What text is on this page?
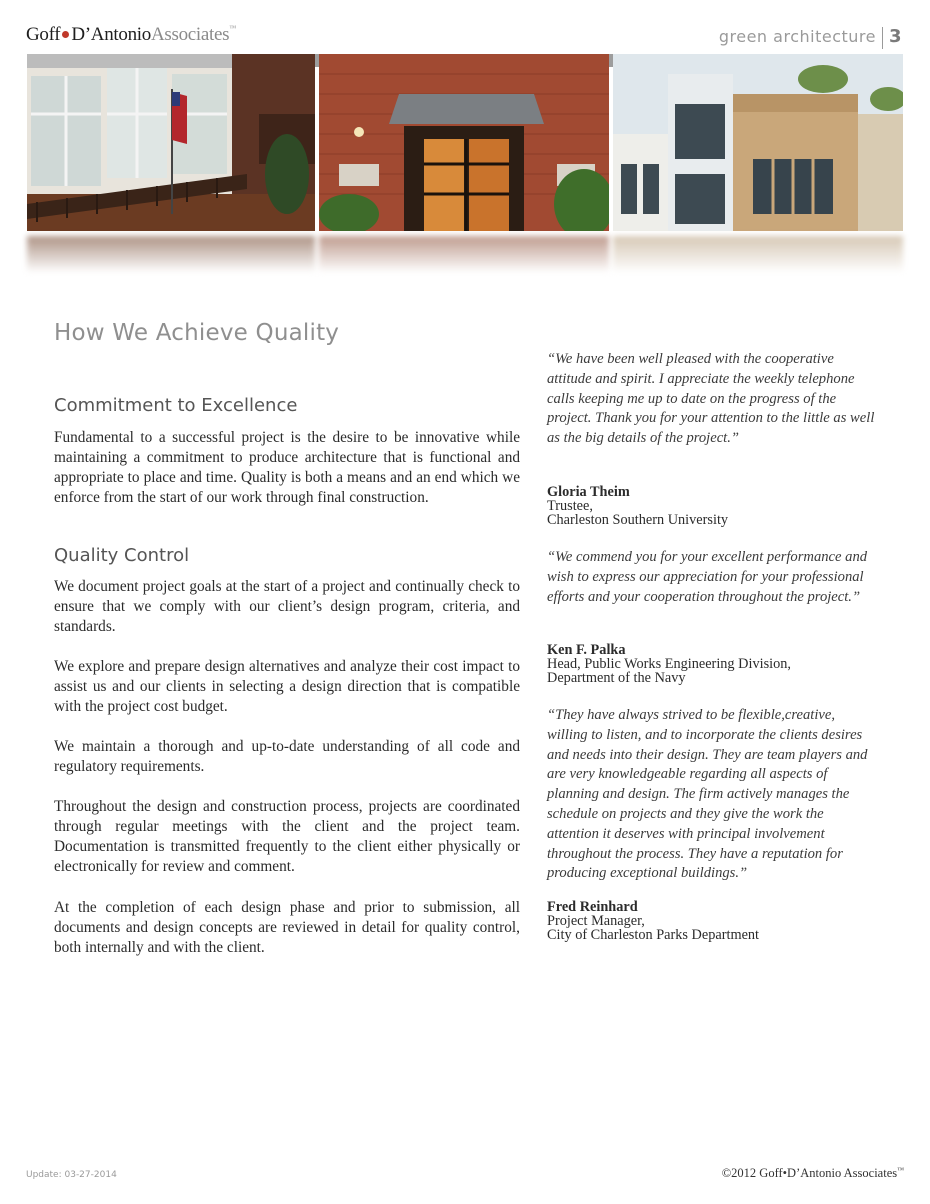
Goff D’AntonioAssociates™	green architecture 3
How We Achieve Quality
Commitment to Excellence
Fundamental to a successful project is the desire to be innovative while maintaining a commitment to produce architecture that is functional and appropriate to place and time. Quality is both a means and an end which we enforce from the start of our work through final construction.
Quality Control
We document project goals at the start of a project and continually check to ensure that we comply with our client’s design program, criteria, and standards.
We explore and prepare design alternatives and analyze their cost impact to assist us and our clients in selecting a design direction that is compatible with the project cost budget.
We maintain a thorough and up-to-date understanding of all code and regulatory requirements.
Throughout the design and construction process, projects are coordinated through regular meetings with the client and the project team. Documentation is transmitted frequently to the client either physically or electronically for review and comment.
At the completion of each design phase and prior to submission, all documents and design concepts are reviewed in detail for quality control, both internally and with the client.
“We have been well pleased with the cooperative attitude and spirit. I appreciate the weekly telephone calls keeping me up to date on the progress of the project. Thank you for your attention to the little as well as the big details of the project.”
Gloria Theim
Trustee,
Charleston Southern University
“We commend you for your excellent performance and wish to express our appreciation for your professional efforts and your cooperation throughout the project.”
Ken F. Palka
Head, Public Works Engineering Division,
Department of the Navy
“They have always strived to be flexible,creative, willing to listen, and to incorporate the clients desires and needs into their design. They are team players and are very knowledgeable regarding all aspects of planning and design. The firm actively manages the schedule on projects and they give the work the attention it deserves with principal involvement throughout the process. They have a reputation for producing exceptional buildings.”
Fred Reinhard
Project Manager,
City of Charleston Parks Department
Update: 03-27-2014	©2012 Goff•D’Antonio Associates™
